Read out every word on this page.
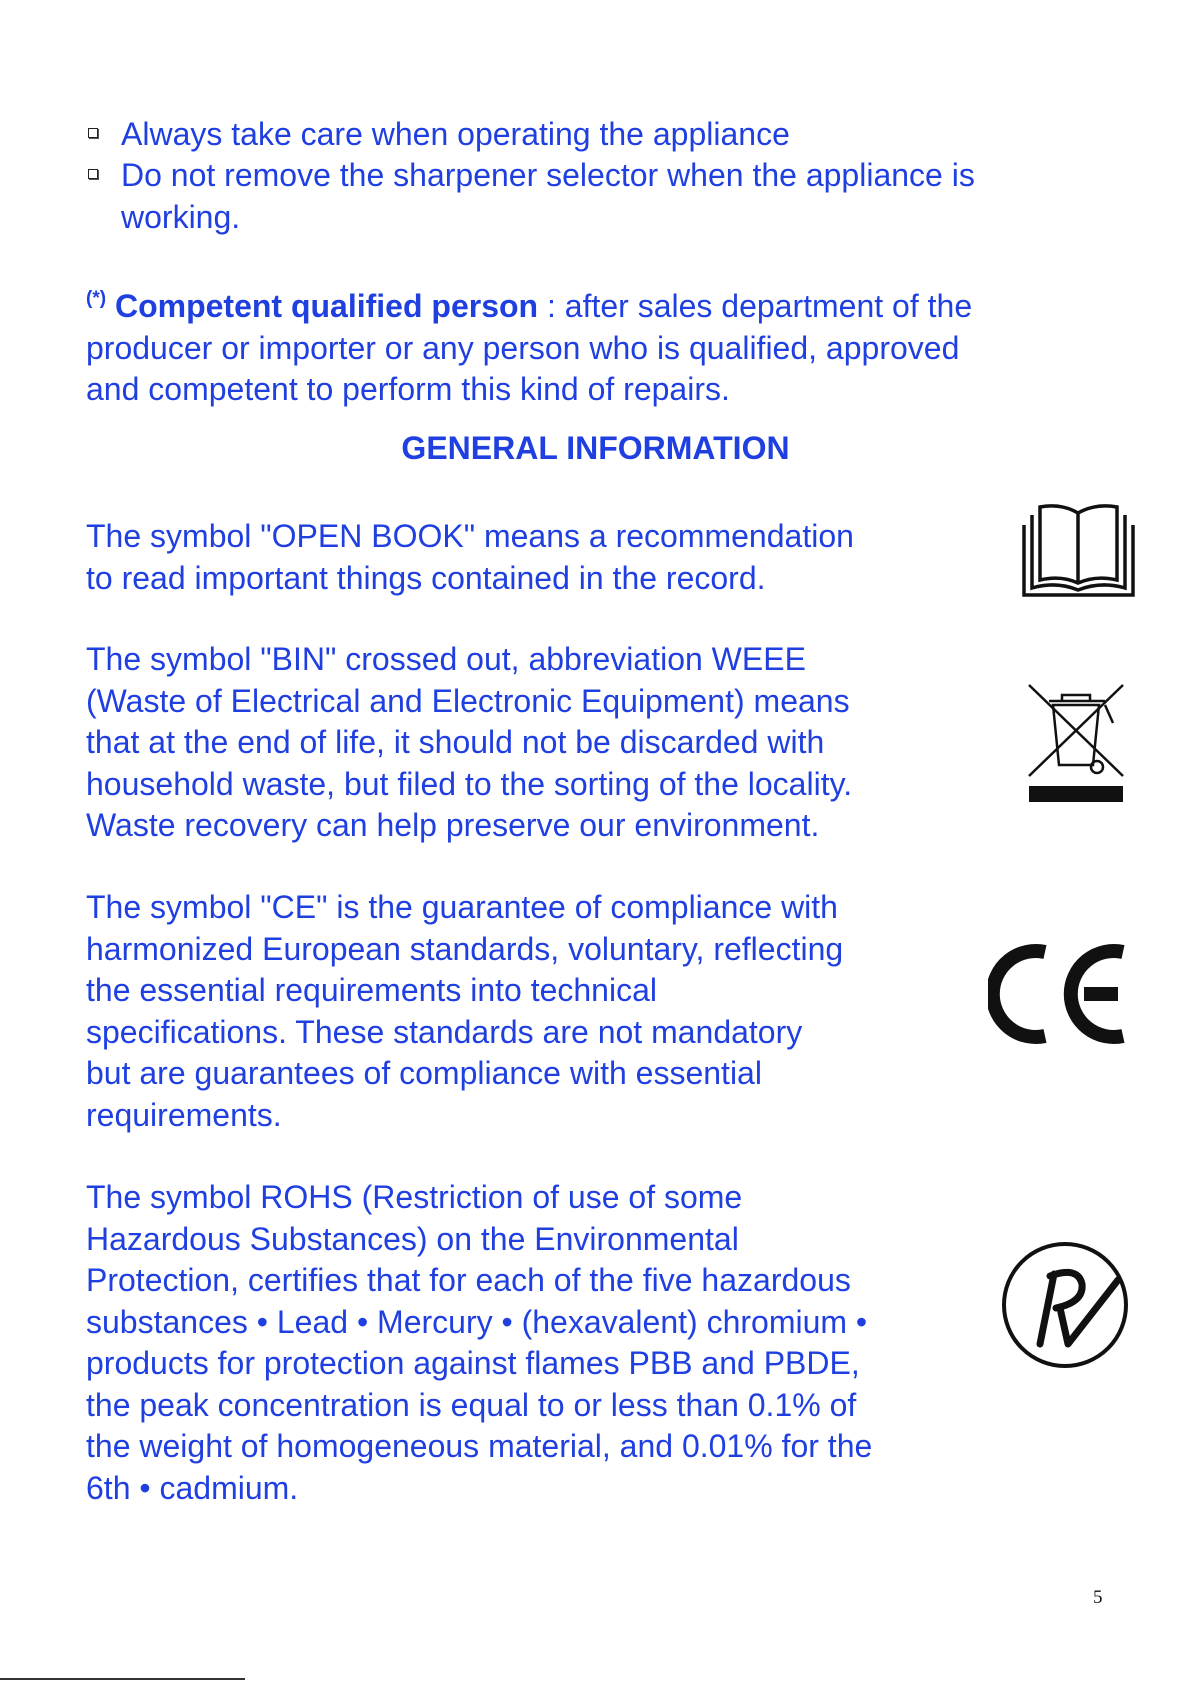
Always take care when operating the appliance
Do not remove the sharpener selector when the appliance is
working.
(*) Competent qualified person : after sales department of the
producer or importer or any person who is qualified, approved
and competent to perform this kind of repairs.
GENERAL INFORMATION
The symbol "OPEN BOOK" means a recommendation
to read important things contained in the record.
The symbol "BIN" crossed out, abbreviation WEEE
(Waste of Electrical and Electronic Equipment) means
that at the end of life, it should not be discarded with
household waste, but filed to the sorting of the locality.
Waste recovery can help preserve our environment.
The symbol "CE" is the guarantee of compliance with
harmonized European standards, voluntary, reflecting
the essential requirements into technical
specifications. These standards are not mandatory
but are guarantees of compliance with essential
requirements.
The symbol ROHS (Restriction of use of some
Hazardous Substances) on the Environmental
Protection, certifies that for each of the five hazardous
substances • Lead • Mercury • (hexavalent) chromium •
products for protection against flames PBB and PBDE,
the peak concentration is equal to or less than 0.1% of
the weight of homogeneous material, and 0.01% for the
6th • cadmium.
5
